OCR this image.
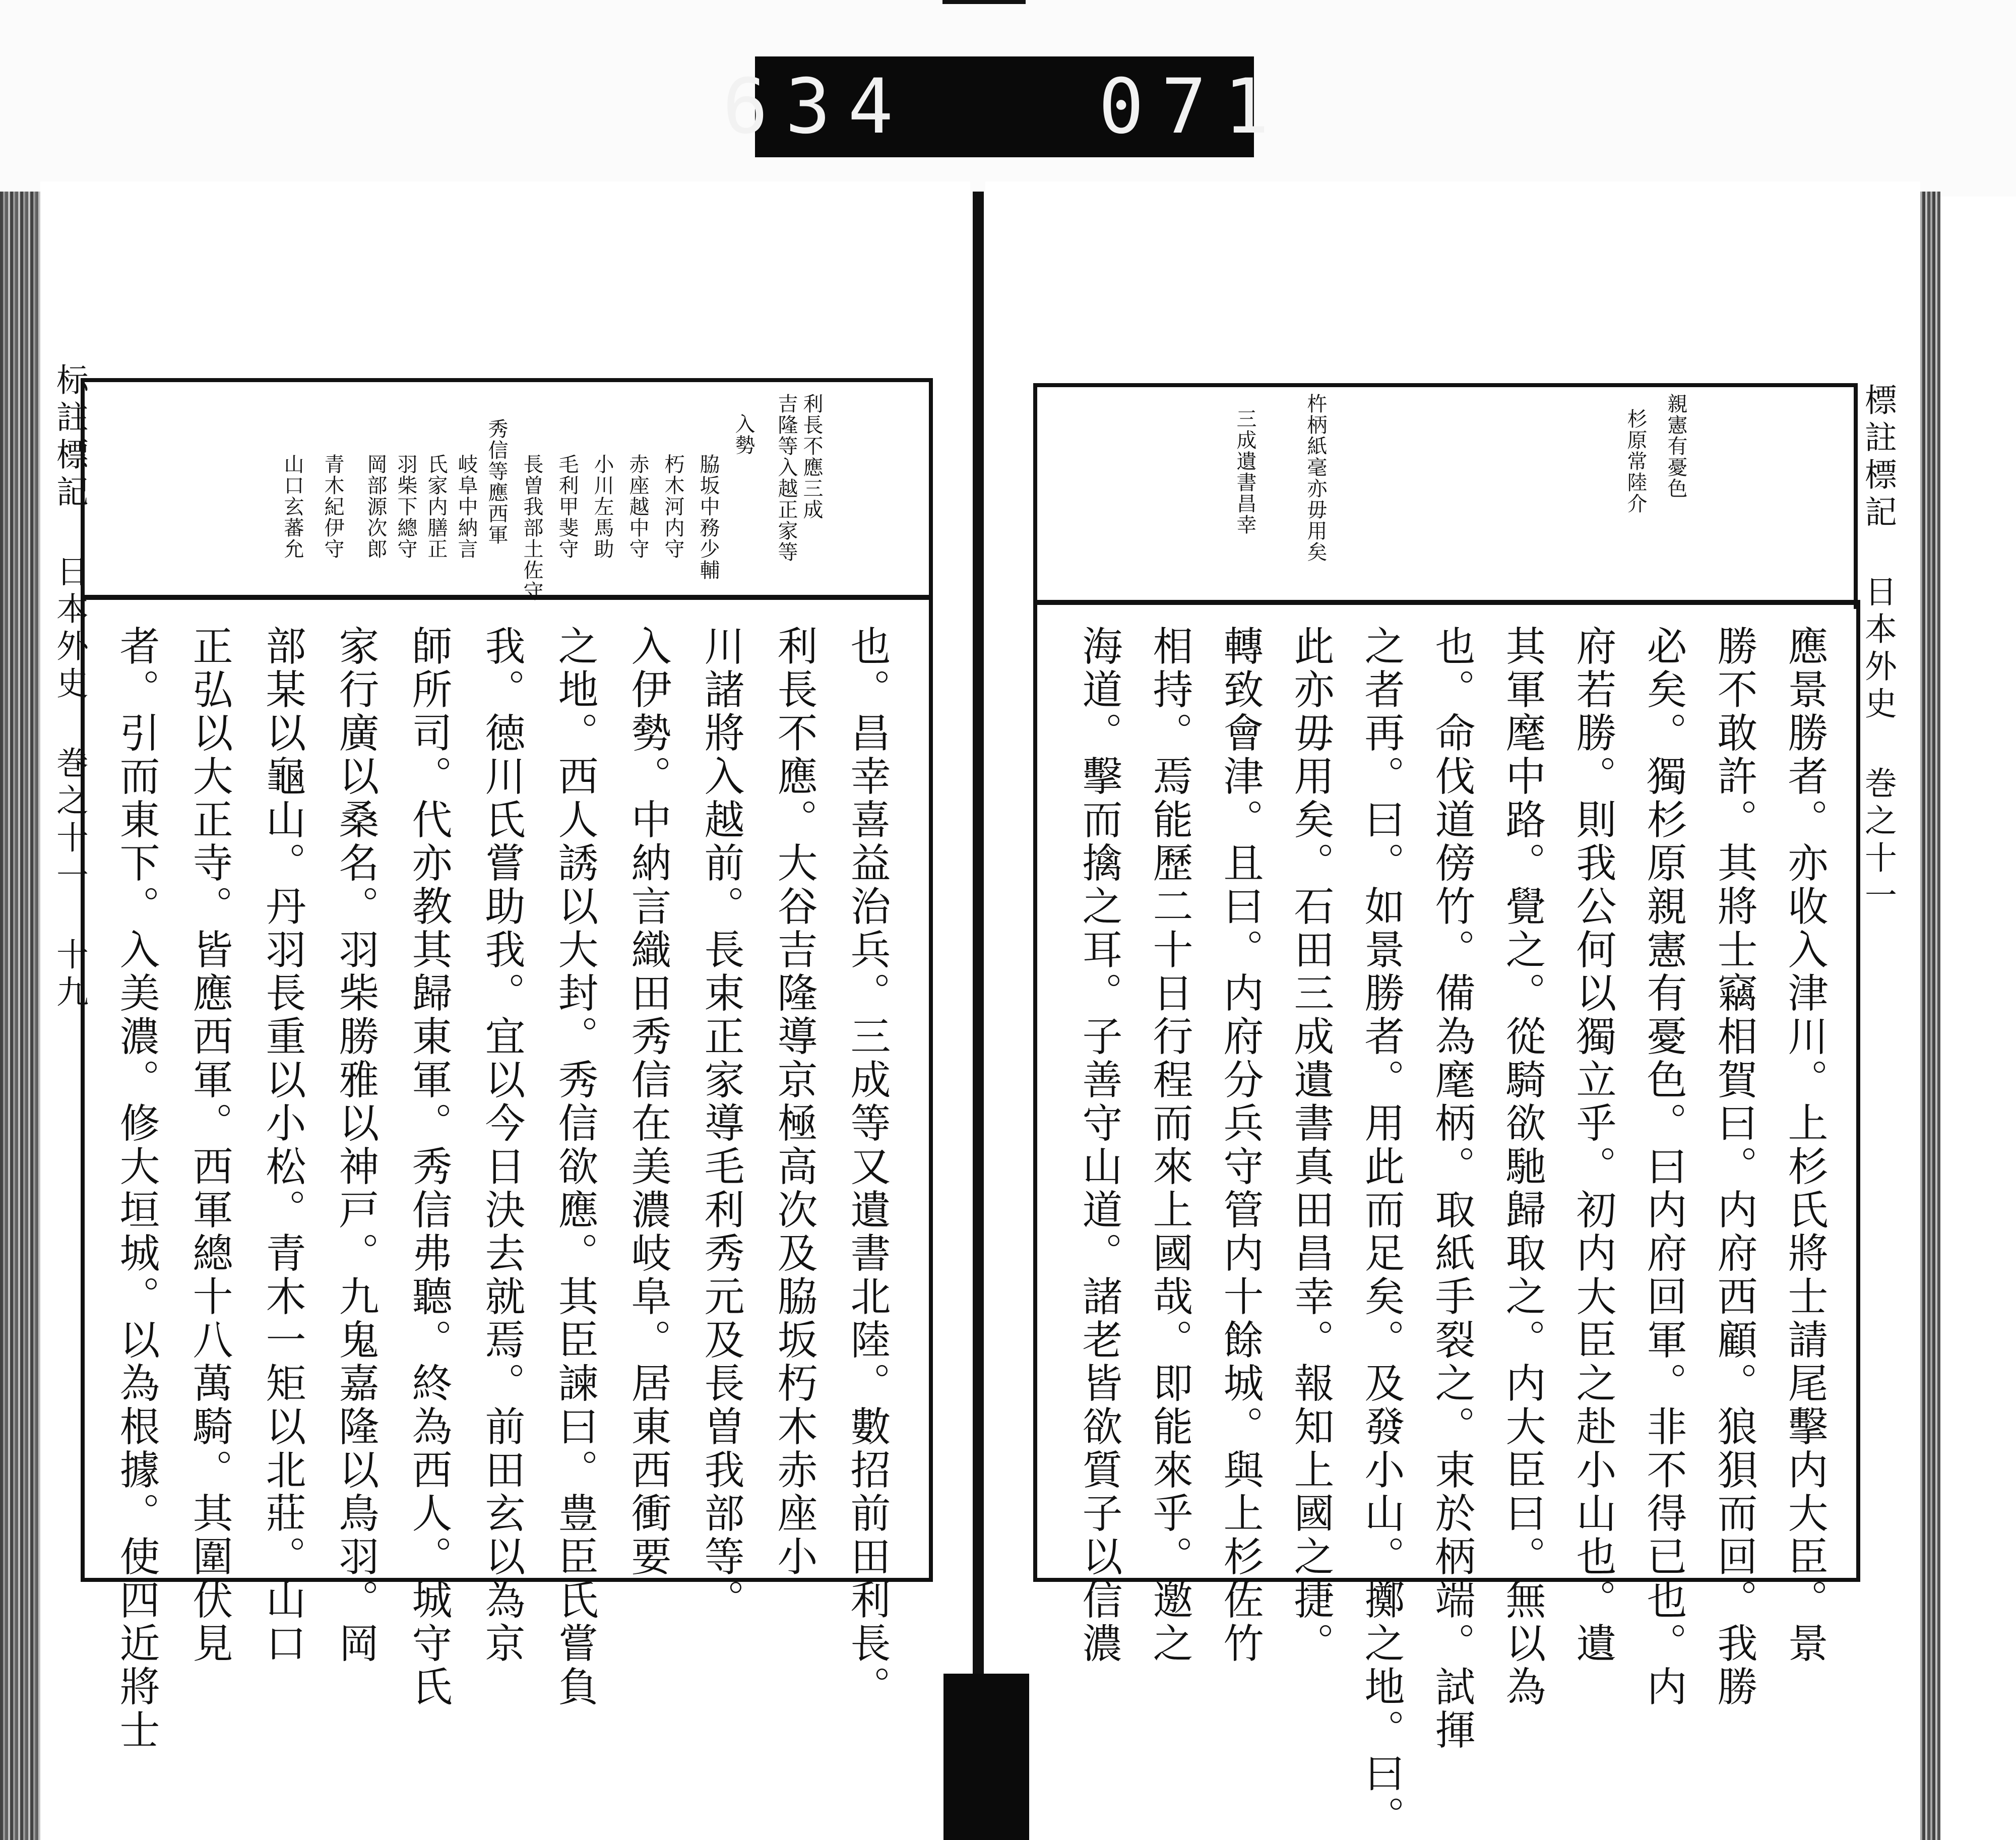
634
071
标註標記 日本外史 巻之十一 十九	利長不應三成
吉隆等入越正家等
入勢
脇坂中務少輔
朽木河内守
赤座越中守
小川左馬助
毛利甲斐守
長曽我部土佐守
秀信等應西軍
岐阜中納言
氏家内膳正
羽柴下總守
岡部源次郎
青木紀伊守
山口玄蕃允
也。昌幸喜益治兵。三成等又遺書北陸。數招前田利長。
利長不應。大谷吉隆導京極高次及脇坂朽木赤座小
川諸將入越前。長束正家導毛利秀元及長曽我部等。
入伊勢。中納言織田秀信在美濃岐阜。居東西衝要
之地。西人誘以大封。秀信欲應。其臣諫曰。豊臣氏嘗負
我。徳川氏嘗助我。宜以今日決去就焉。前田玄以為京
師所司。代亦教其歸東軍。秀信弗聽。終為西人。城守氏
家行廣以桑名。羽柴勝雅以神戸。九鬼嘉隆以鳥羽。岡
部某以龜山。丹羽長重以小松。青木一矩以北莊。山口
正弘以大正寺。皆應西軍。西軍總十八萬騎。其圍伏見
者。引而東下。入美濃。修大垣城。以為根據。使四近將士	標註標記 日本外史 巻之十一
親憲有憂色
杉原常陸介
杵柄紙毫亦毋用矣
三成遺書昌幸
應景勝者。亦收入津川。上杉氏將士請尾擊内大臣。景
勝不敢許。其將士竊相賀曰。内府西顧。狼狽而回。我勝
必矣。獨杉原親憲有憂色。曰内府回軍。非不得已也。内
府若勝。則我公何以獨立乎。初内大臣之赴小山也。遺
其軍麾中路。覺之。從騎欲馳歸取之。内大臣曰。無以為
也。命伐道傍竹。備為麾柄。取紙手裂之。束於柄端。試揮
之者再。曰。如景勝者。用此而足矣。及發小山。擲之地。曰。
此亦毋用矣。石田三成遺書真田昌幸。報知上國之捷。
轉致會津。且曰。内府分兵守管内十餘城。與上杉佐竹
相持。焉能歷二十日行程而來上國哉。即能來乎。邀之
海道。擊而擒之耳。子善守山道。諸老皆欲質子以信濃
